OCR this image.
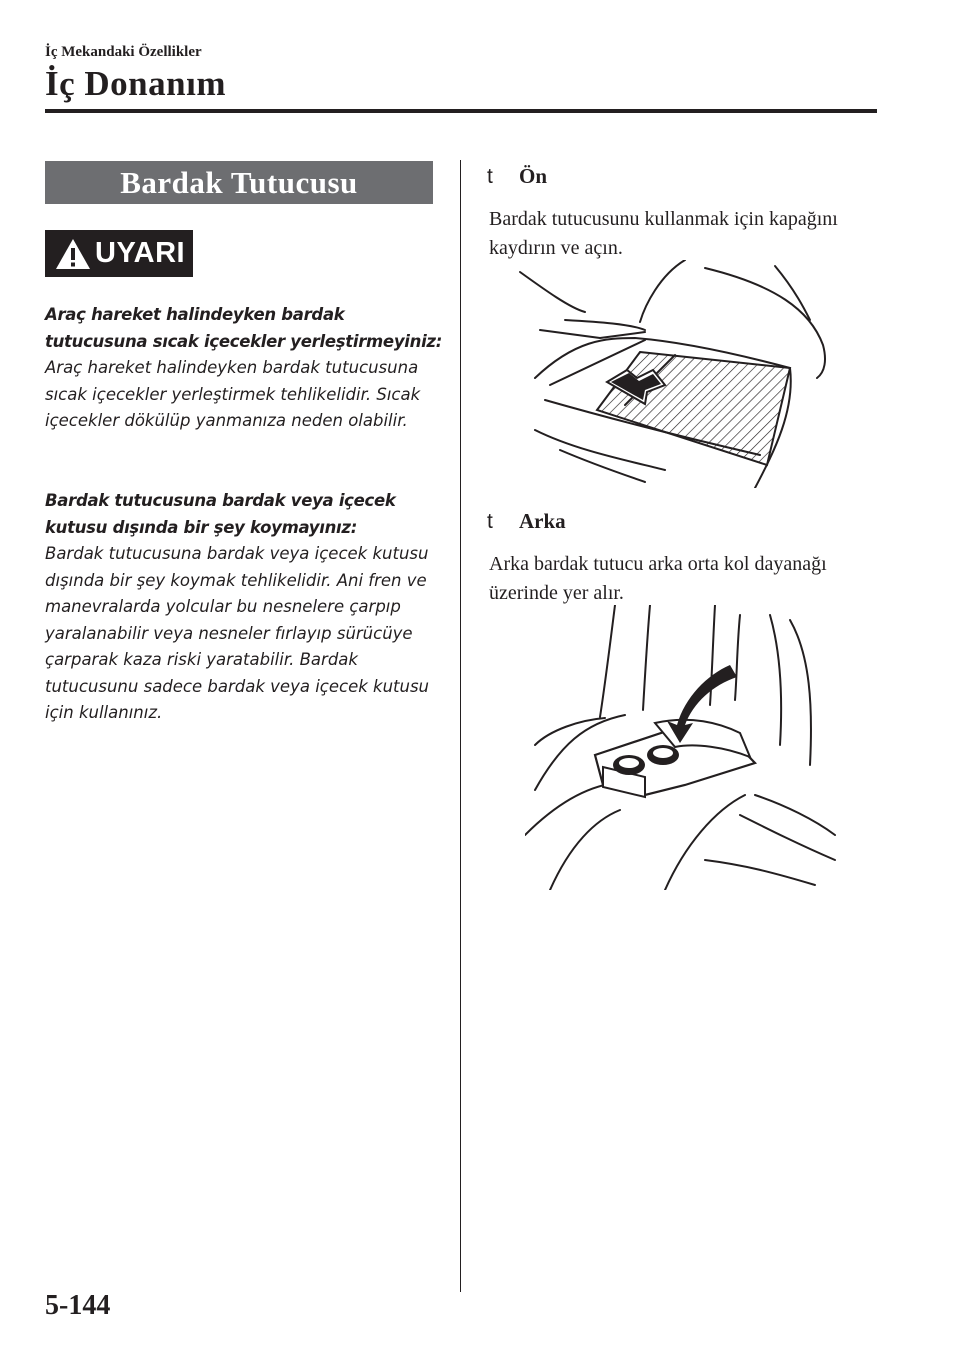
İç Mekandaki Özellikler
İç Donanım
Bardak Tutucusu
UYARI

Araç hareket halindeyken bardak tutucusuna sıcak içecekler yerleştirmeyiniz:

Araç hareket halindeyken bardak tutucusuna sıcak içecekler yerleştirmek tehlikelidir. Sıcak içecekler dökülüp yanmanıza neden olabilir.

Bardak tutucusuna bardak veya içecek kutusu dışında bir şey koymayınız:

Bardak tutucusuna bardak veya içecek kutusu dışında bir şey koymak tehlikelidir. Ani fren ve manevralarda yolcular bu nesnelere çarpıp yaralanabilir veya nesneler fırlayıp sürücüye çarparak kaza riski yaratabilir. Bardak tutucusunu sadece bardak veya içecek kutusu için kullanınız.

t	Ön

Bardak tutucusunu kullanmak için kapağını kaydırın ve açın.

t	Arka

Arka bardak tutucu arka orta kol dayanağı üzerinde yer alır.

5-144
